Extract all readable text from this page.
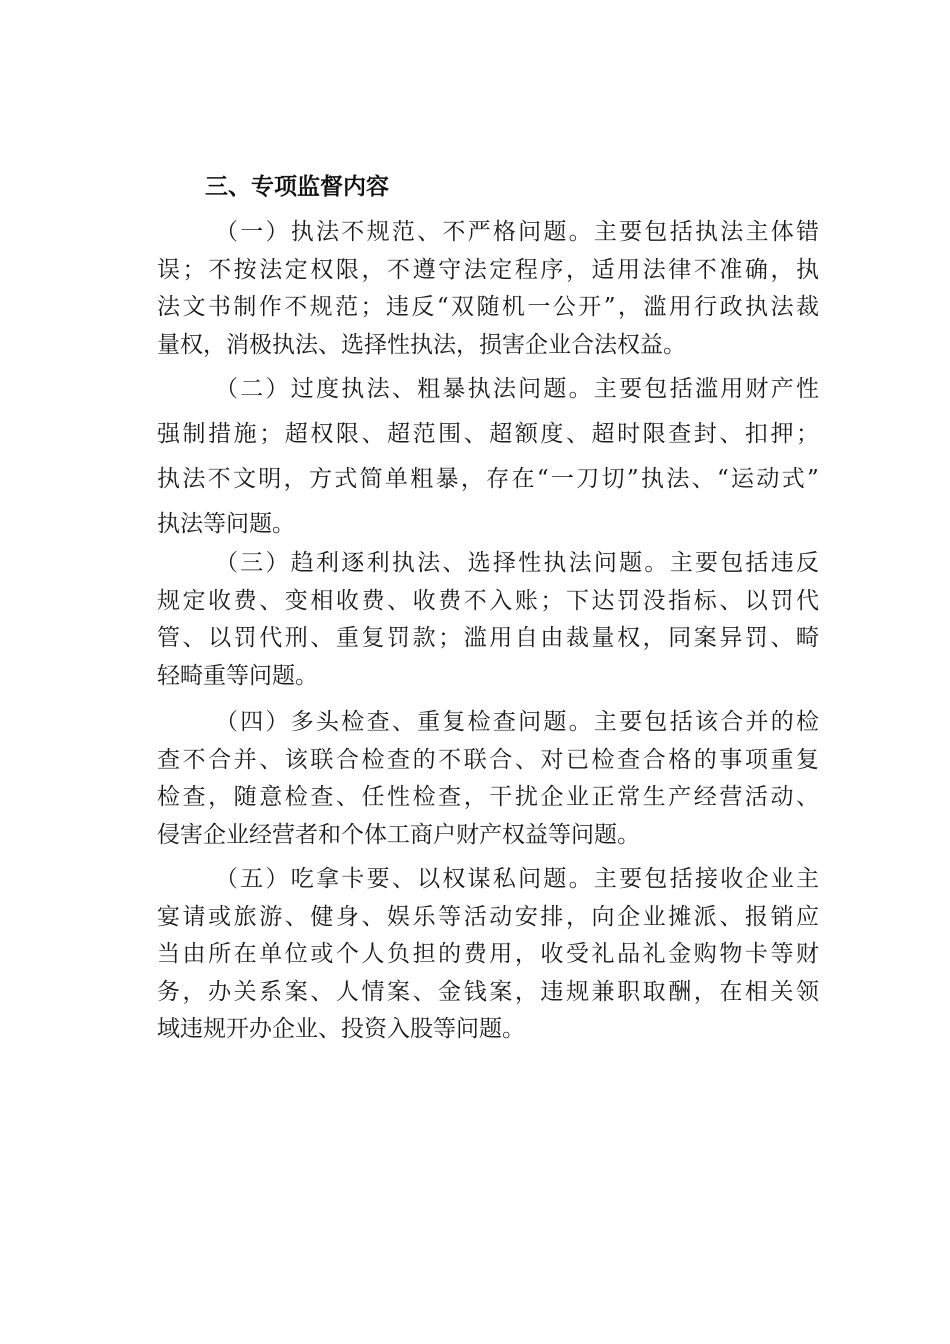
三、专项监督内容
（一）执法不规范、不严格问题。主要包括执法主体错
误；不按法定权限，不遵守法定程序，适用法律不准确，执
法文书制作不规范；违反“双随机一公开”，滥用行政执法裁
量权，消极执法、选择性执法，损害企业合法权益。
（二）过度执法、粗暴执法问题。主要包括滥用财产性
强制措施；超权限、超范围、超额度、超时限查封、扣押；
执法不文明，方式简单粗暴，存在“一刀切”执法、“运动式”
执法等问题。
（三）趋利逐利执法、选择性执法问题。主要包括违反
规定收费、变相收费、收费不入账；下达罚没指标、以罚代
管、以罚代刑、重复罚款；滥用自由裁量权，同案异罚、畸
轻畸重等问题。
（四）多头检查、重复检查问题。主要包括该合并的检
查不合并、该联合检查的不联合、对已检查合格的事项重复
检查，随意检查、任性检查，干扰企业正常生产经营活动、
侵害企业经营者和个体工商户财产权益等问题。
（五）吃拿卡要、以权谋私问题。主要包括接收企业主
宴请或旅游、健身、娱乐等活动安排，向企业摊派、报销应
当由所在单位或个人负担的费用，收受礼品礼金购物卡等财
务，办关系案、人情案、金钱案，违规兼职取酬，在相关领
域违规开办企业、投资入股等问题。
